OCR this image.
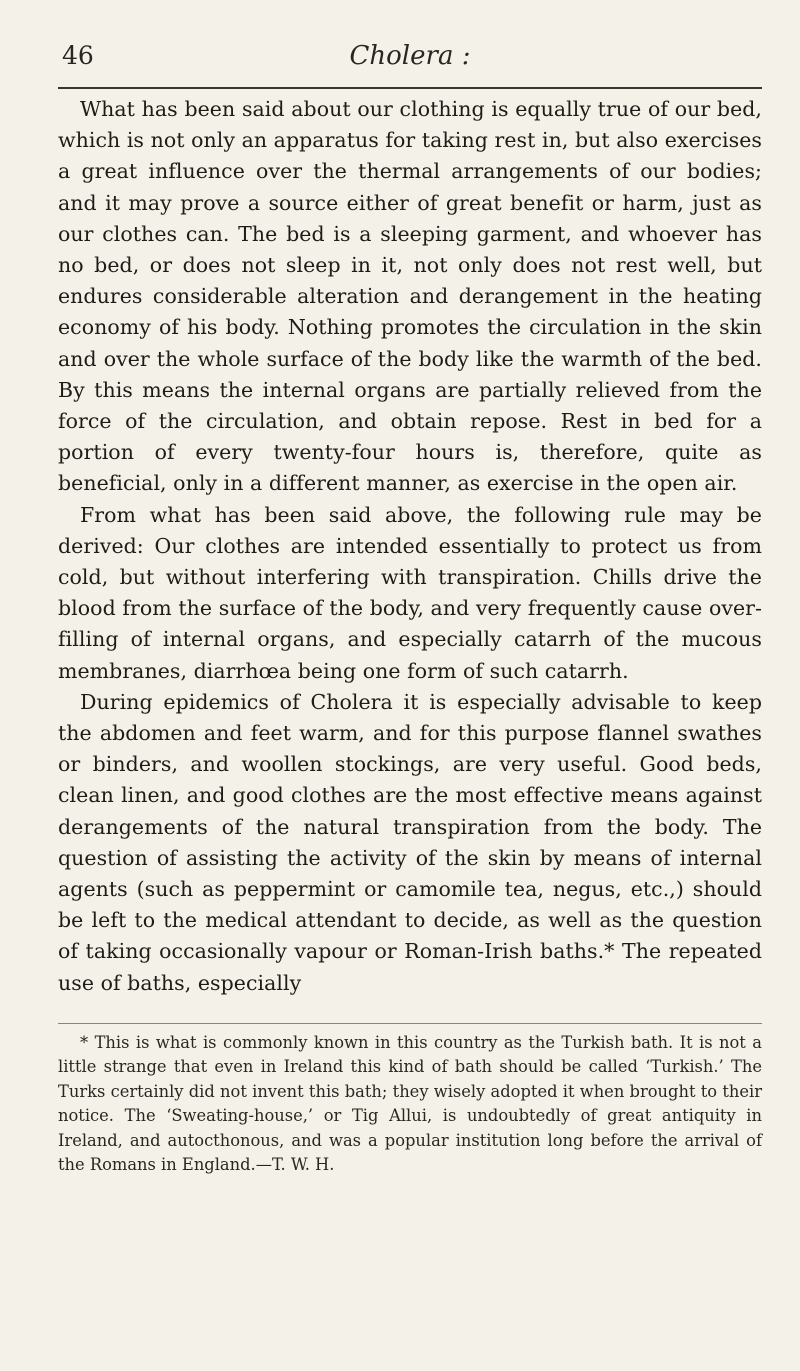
46	Cholera :

What has been said about our clothing is equally true of our bed, which is not only an apparatus for taking rest in, but also exercises a great influence over the thermal arrangements of our bodies; and it may prove a source either of great benefit or harm, just as our clothes can. The bed is a sleeping garment, and whoever has no bed, or does not sleep in it, not only does not rest well, but endures considerable alteration and derangement in the heating economy of his body. Nothing promotes the circulation in the skin and over the whole surface of the body like the warmth of the bed. By this means the internal organs are partially relieved from the force of the circulation, and obtain repose. Rest in bed for a portion of every twenty-four hours is, therefore, quite as beneficial, only in a different manner, as exercise in the open air.

From what has been said above, the following rule may be derived: Our clothes are intended essentially to protect us from cold, but without interfering with transpiration. Chills drive the blood from the surface of the body, and very frequently cause over-filling of internal organs, and especially catarrh of the mucous membranes, diarrhœa being one form of such catarrh.

During epidemics of Cholera it is especially advisable to keep the abdomen and feet warm, and for this purpose flannel swathes or binders, and woollen stockings, are very useful. Good beds, clean linen, and good clothes are the most effective means against derangements of the natural transpiration from the body. The question of assisting the activity of the skin by means of internal agents (such as peppermint or camomile tea, negus, etc.,) should be left to the medical attendant to decide, as well as the question of taking occasionally vapour or Roman-Irish baths.* The repeated use of baths, especially

* This is what is commonly known in this country as the Turkish bath. It is not a little strange that even in Ireland this kind of bath should be called ‘Turkish.’ The Turks certainly did not invent this bath; they wisely adopted it when brought to their notice. The ‘Sweating-house,’ or Tig Allui, is undoubtedly of great antiquity in Ireland, and autocthonous, and was a popular institution long before the arrival of the Romans in England.—T. W. H.
